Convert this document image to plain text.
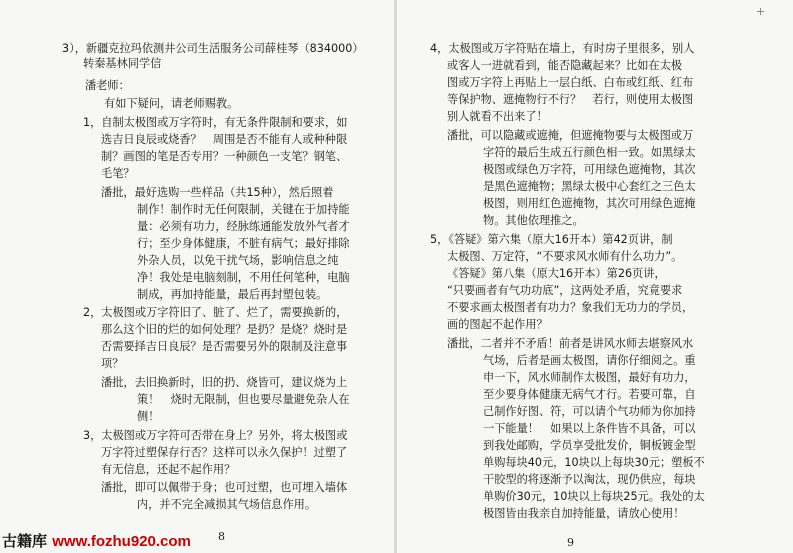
3），新疆克拉玛依测井公司生活服务公司薛桂琴（834000）
转秦基林同学信
潘老师：
有如下疑问，请老师赐教。
1，自制太极图或万字符时，有无条件限制和要求，如
选吉日良辰或烧香？　周围是否不能有人或种种限
制？画图的笔是否专用？一种颜色一支笔？钢笔、
毛笔？
潘批，最好选购一些样品（共15种），然后照着
制作！制作时无任何限制，关键在于加持能
量：必须有功力，经脉练通能发放外气者才
行；至少身体健康，不脏有病气；最好排除
外杂人员，以免干扰气场，影响信息之纯
净！我处是电脑刻制，不用任何笔种，电脑
制成，再加持能量，最后再封塑包装。
2，太极图或万字符旧了、脏了、烂了，需要换新的，
那么这个旧的烂的如何处理？是扔？是烧？烧时是
否需要择吉日良辰？是否需要另外的限制及注意事
项？
潘批，去旧换新时，旧的扔、烧皆可，建议烧为上
策！　烧时无限制，但也要尽量避免杂人在
侧！
3，太极图或万字符可否带在身上？另外，将太极图或
万字符过塑保存行否？这样可以永久保护！过塑了
有无信息，还起不起作用？
潘批，即可以佩带于身；也可过塑，也可埋入墙体
内，并不完全减损其气场信息作用。
8
4，太极图或万字符贴在墙上，有时房子里很多，别人
或客人一进就看到，能否隐藏起来？比如在太极
图或万字符上再贴上一层白纸、白布或红纸、红布
等保护物、遮掩物行不行？　若行，则使用太极图
别人就看不出来了！
潘批，可以隐藏或遮掩，但遮掩物要与太极图或万
字符的最后生成五行颜色相一致。如黑绿太
极图或绿色万字符，可用绿色遮掩物，其次
是黑色遮掩物；黑绿太极中心套红之三色太
极图，则用红色遮掩物，其次可用绿色遮掩
物。其他依理推之。
5，《答疑》第六集（原大16开本）第42页讲，制
太极图、万定符，“不要求风水师有什么功力”。
《答疑》第八集（原大16开本）第26页讲，
“只要画者有气功功底”，这两处矛盾，究竟要求
不要求画太极图者有功力？象我们无功力的学员，
画的图起不起作用？
潘批，二者并不矛盾！前者是讲风水师去堪察风水
气场，后者是画太极图，请你仔细阅之。重
申一下，风水师制作太极图，最好有功力，
至少要身体健康无病气才行。若要可靠，自
己制作好图、符，可以请个气功师为你加持
一下能量！　如果以上条件皆不具备，可以
到我处邮购，学员享受批发价，铜板镀金型
单购每块40元，10块以上每块30元；塑板不
干胶型的将逐渐予以淘汰，现仍供应，每块
单购价30元，10块以上每块25元。我处的太
极图皆由我亲自加持能量，请放心使用！
9
古籍库 www.fozhu920.com
